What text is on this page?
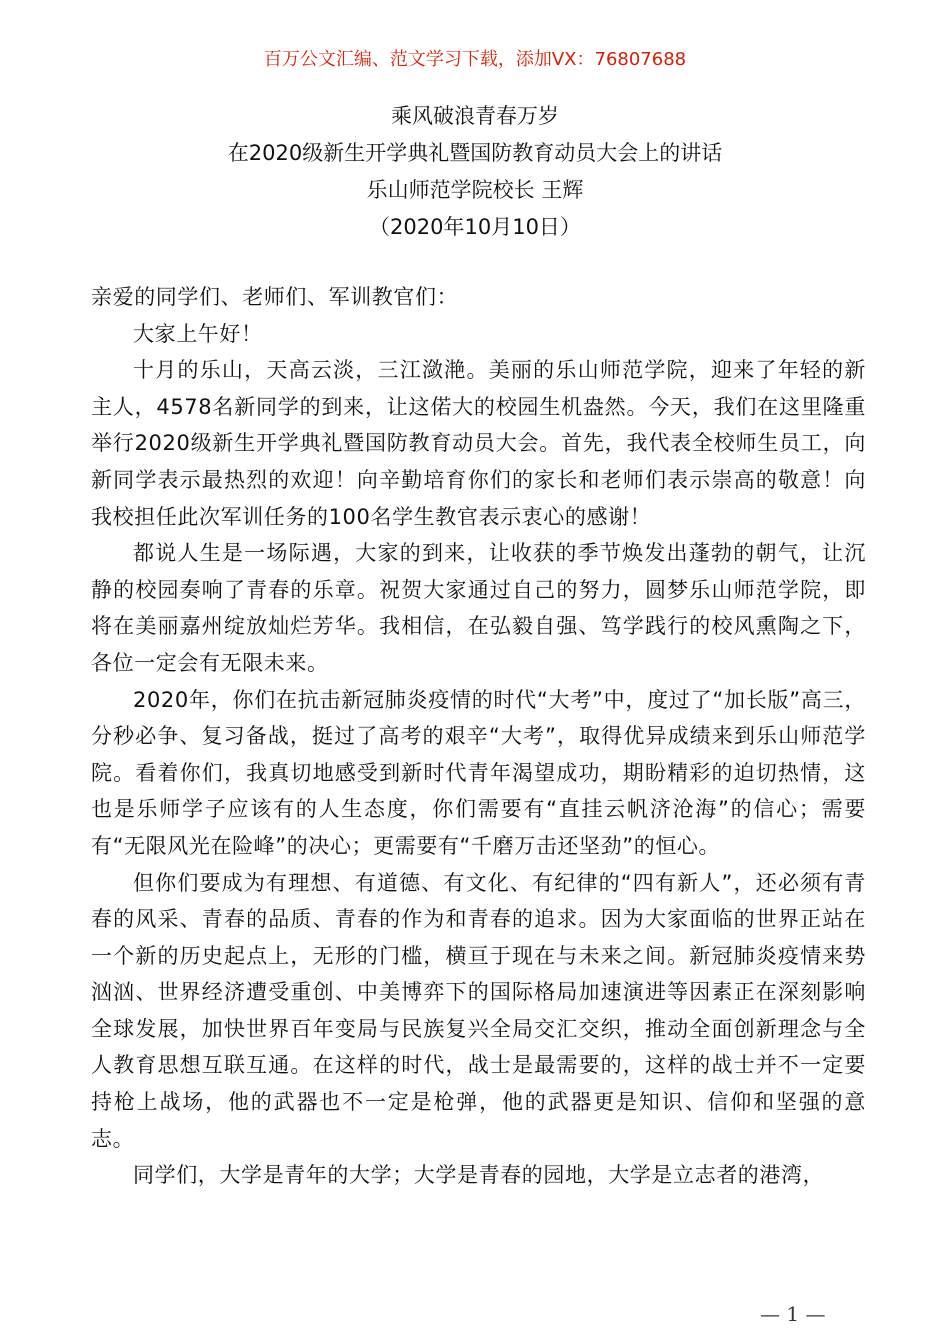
百万公文汇编、范文学习下载，添加VX：76807688
乘风破浪青春万岁
在2020级新生开学典礼暨国防教育动员大会上的讲话
乐山师范学院校长 王辉
（2020年10月10日）

亲爱的同学们、老师们、军训教官们：

大家上午好！

十月的乐山，天高云淡，三江潋滟。美丽的乐山师范学院，迎来了年轻的新主人，4578名新同学的到来，让这偌大的校园生机盎然。今天，我们在这里隆重举行2020级新生开学典礼暨国防教育动员大会。首先，我代表全校师生员工，向新同学表示最热烈的欢迎！向辛勤培育你们的家长和老师们表示崇高的敬意！向我校担任此次军训任务的100名学生教官表示衷心的感谢！

都说人生是一场际遇，大家的到来，让收获的季节焕发出蓬勃的朝气，让沉静的校园奏响了青春的乐章。祝贺大家通过自己的努力，圆梦乐山师范学院，即将在美丽嘉州绽放灿烂芳华。我相信，在弘毅自强、笃学践行的校风熏陶之下，各位一定会有无限未来。

2020年，你们在抗击新冠肺炎疫情的时代“大考”中，度过了“加长版”高三，分秒必争、复习备战，挺过了高考的艰辛“大考”，取得优异成绩来到乐山师范学院。看着你们，我真切地感受到新时代青年渴望成功，期盼精彩的迫切热情，这也是乐师学子应该有的人生态度，你们需要有“直挂云帆济沧海”的信心；需要有“无限风光在险峰”的决心；更需要有“千磨万击还坚劲”的恒心。

但你们要成为有理想、有道德、有文化、有纪律的“四有新人”，还必须有青春的风采、青春的品质、青春的作为和青春的追求。因为大家面临的世界正站在一个新的历史起点上，无形的门槛，横亘于现在与未来之间。新冠肺炎疫情来势汹汹、世界经济遭受重创、中美博弈下的国际格局加速演进等因素正在深刻影响全球发展，加快世界百年变局与民族复兴全局交汇交织，推动全面创新理念与全人教育思想互联互通。在这样的时代，战士是最需要的，这样的战士并不一定要持枪上战场，他的武器也不一定是枪弹，他的武器更是知识、信仰和坚强的意志。

同学们，大学是青年的大学；大学是青春的园地，大学是立志者的港湾，

— 1 —
